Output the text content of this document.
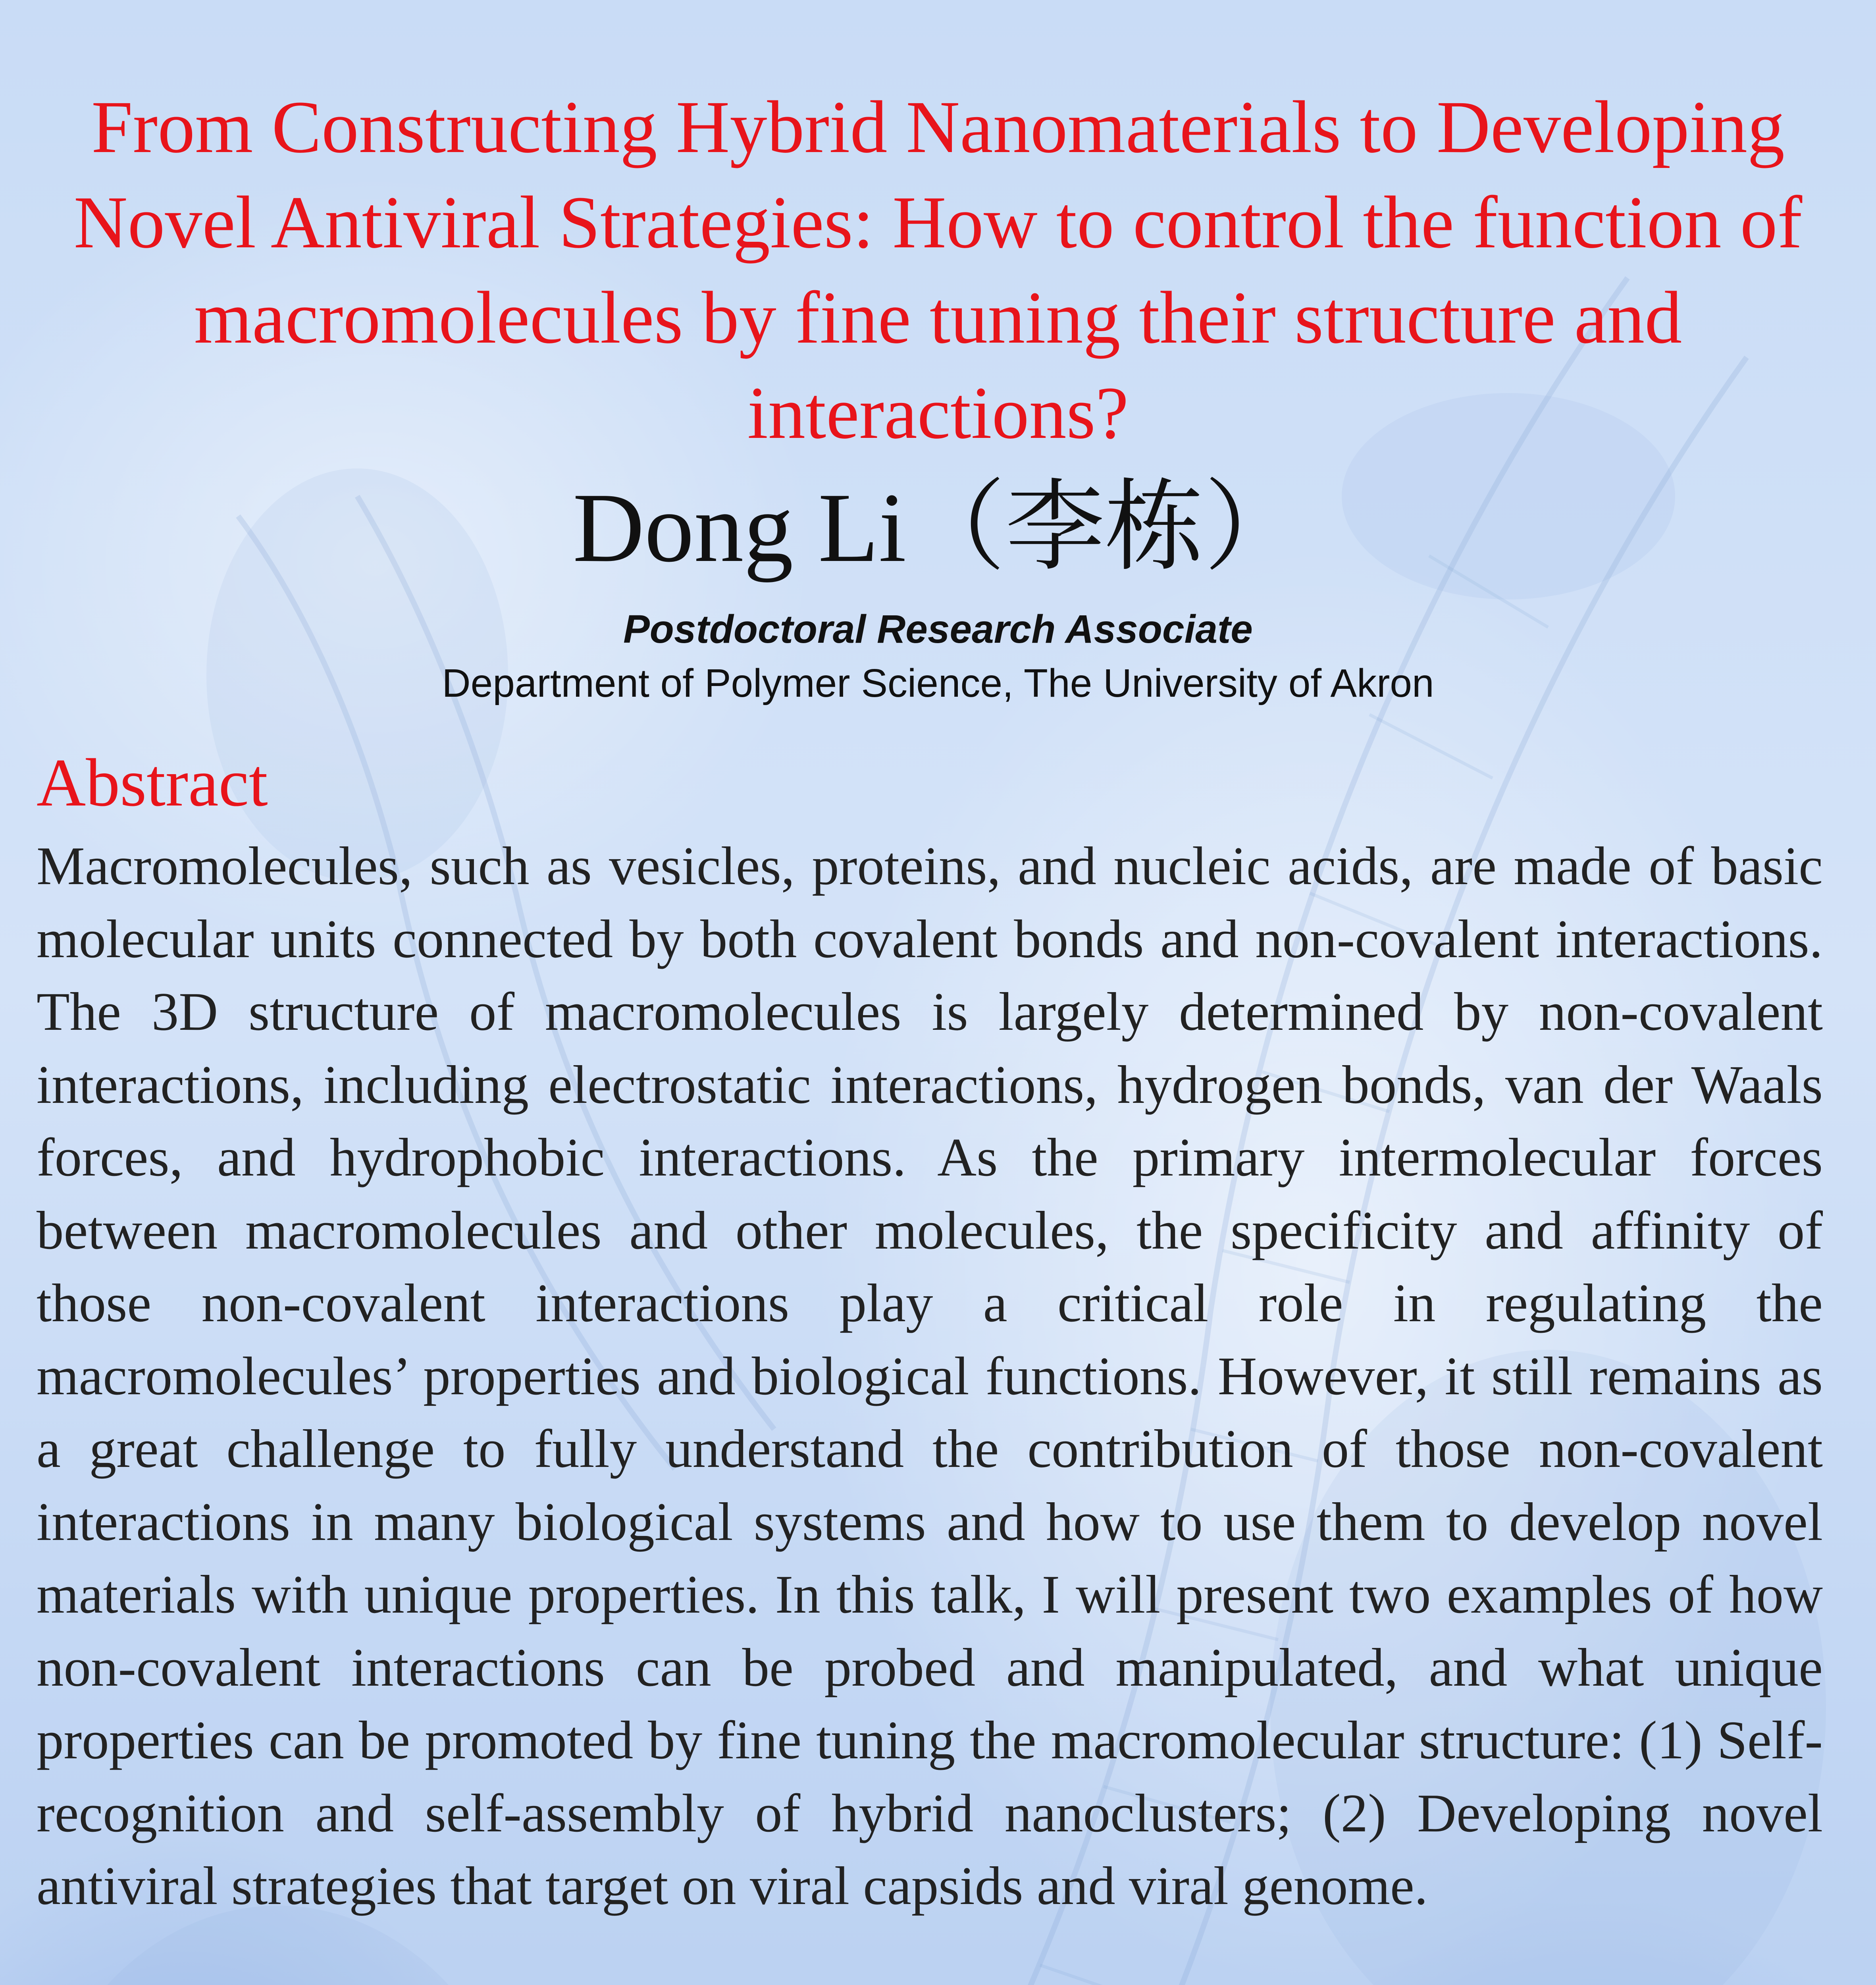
From Constructing Hybrid Nanomaterials to Developing Novel Antiviral Strategies: How to control the function of macromolecules by fine tuning their structure and interactions?
Dong Li（李栋）
Postdoctoral Research Associate
Department of Polymer Science, The University of Akron
Abstract
Macromolecules, such as vesicles, proteins, and nucleic acids, are made of basic molecular units connected by both covalent bonds and non-covalent interactions. The 3D structure of macromolecules is largely determined by non-covalent interactions, including electrostatic interactions, hydrogen bonds, van der Waals forces, and hydrophobic interactions. As the primary intermolecular forces between macromolecules and other molecules, the specificity and affinity of those non-covalent interactions play a critical role in regulating the macromolecules’ properties and biological functions. However, it still remains as a great challenge to fully understand the contribution of those non-covalent interactions in many biological systems and how to use them to develop novel materials with unique properties. In this talk, I will present two examples of how non-covalent interactions can be probed and manipulated, and what unique properties can be promoted by fine tuning the macromolecular structure: (1) Self-recognition and self-assembly of hybrid nanoclusters; (2) Developing novel antiviral strategies that target on viral capsids and viral genome.
